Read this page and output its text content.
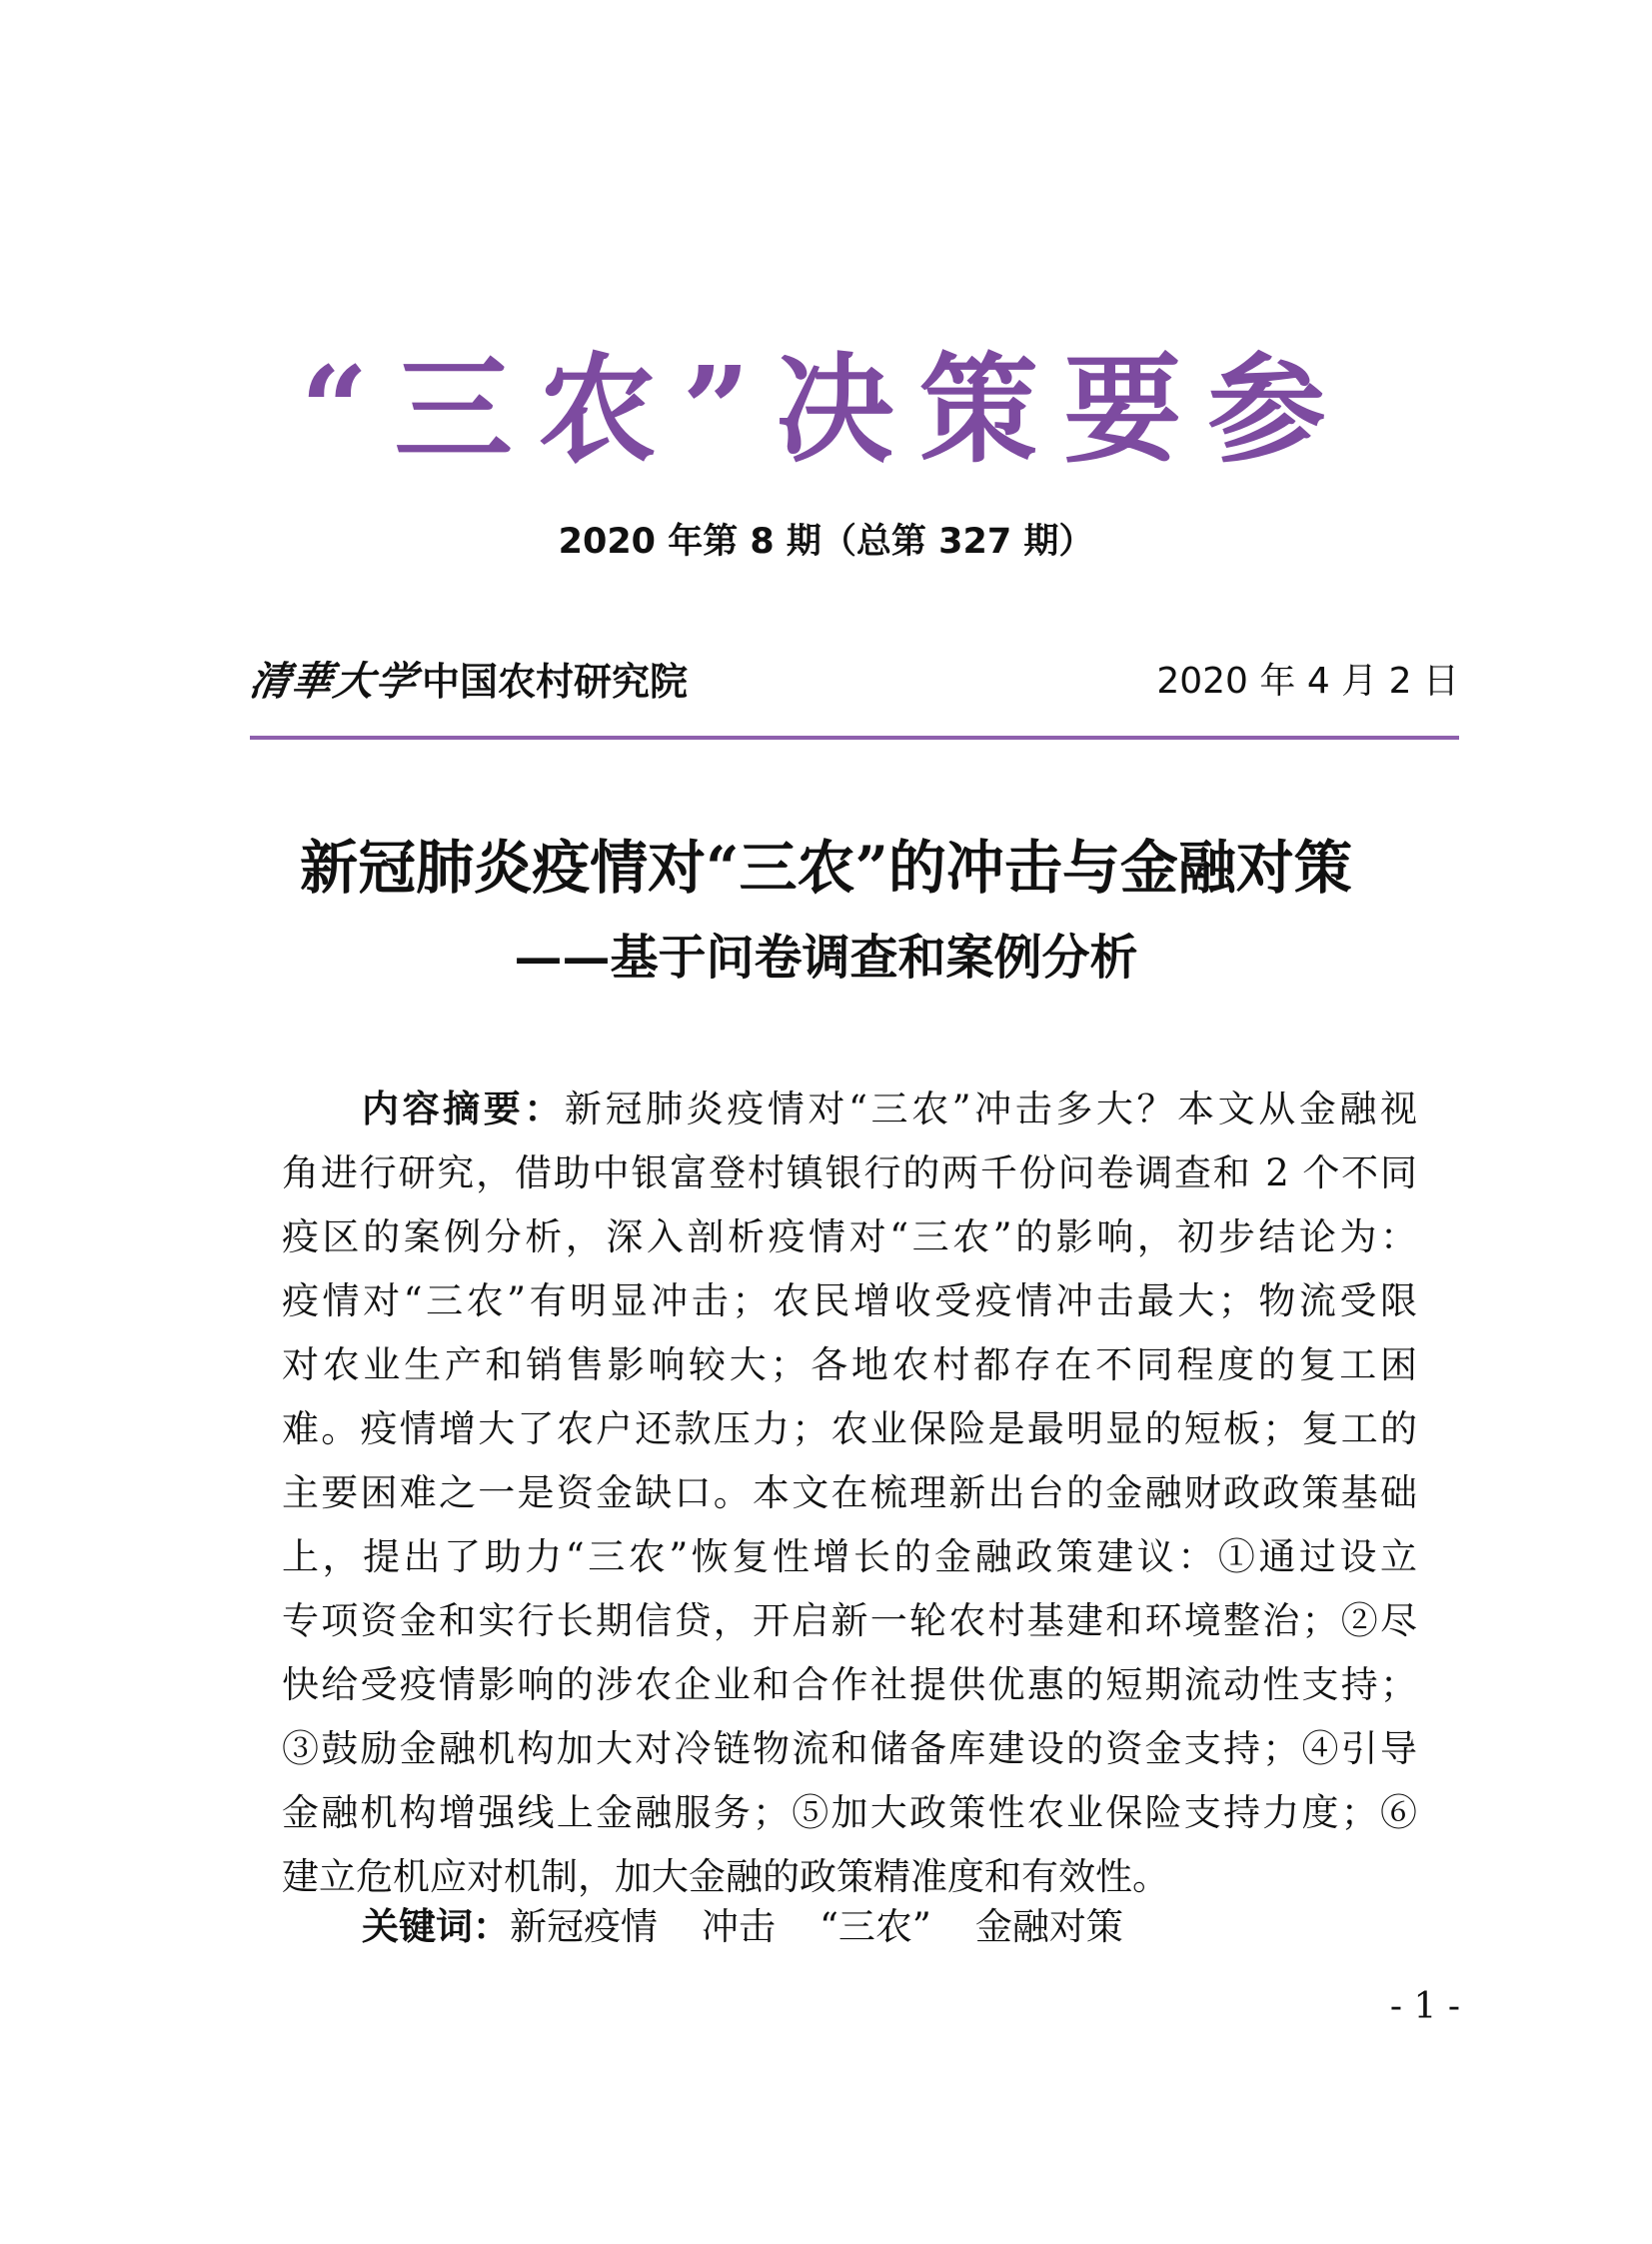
“三农”决策要参
2020 年第 8 期（总第 327 期）
清華大学 中国农村研究院	2020 年 4 月 2 日
新冠肺炎疫情对“三农”的冲击与金融对策
——基于问卷调查和案例分析
内容摘要：新冠肺炎疫情对“三农”冲击多大？本文从金融视
角进行研究，借助中银富登村镇银行的两千份问卷调查和 2 个不同
疫区的案例分析，深入剖析疫情对“三农”的影响，初步结论为：
疫情对“三农”有明显冲击；农民增收受疫情冲击最大；物流受限
对农业生产和销售影响较大；各地农村都存在不同程度的复工困
难。疫情增大了农户还款压力；农业保险是最明显的短板；复工的
主要困难之一是资金缺口。本文在梳理新出台的金融财政政策基础
上，提出了助力“三农”恢复性增长的金融政策建议：①通过设立
专项资金和实行长期信贷，开启新一轮农村基建和环境整治；②尽
快给受疫情影响的涉农企业和合作社提供优惠的短期流动性支持；
③鼓励金融机构加大对冷链物流和储备库建设的资金支持；④引导
金融机构增强线上金融服务；⑤加大政策性农业保险支持力度；⑥
建立危机应对机制，加大金融的政策精准度和有效性。
关键词：新冠疫情 冲击 “三农” 金融对策
- 1 -
